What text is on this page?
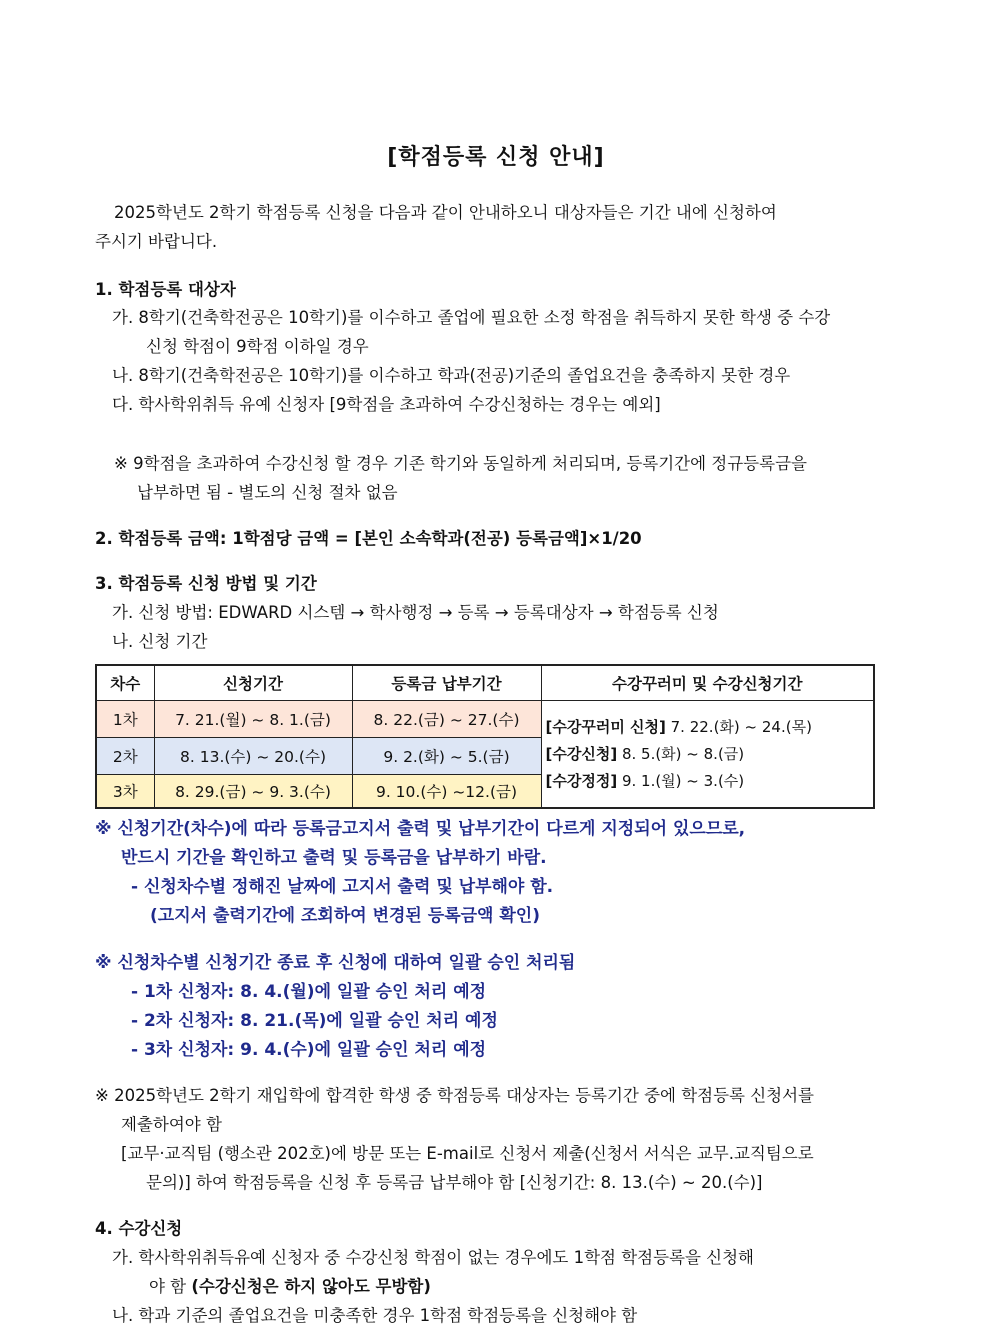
[학점등록 신청 안내]
2025학년도 2학기 학점등록 신청을 다음과 같이 안내하오니 대상자들은 기간 내에 신청하여
주시기 바랍니다.
1. 학점등록 대상자
가. 8학기(건축학전공은 10학기)를 이수하고 졸업에 필요한 소정 학점을 취득하지 못한 학생 중 수강
신청 학점이 9학점 이하일 경우
나. 8학기(건축학전공은 10학기)를 이수하고 학과(전공)기준의 졸업요건을 충족하지 못한 경우
다. 학사학위취득 유예 신청자 [9학점을 초과하여 수강신청하는 경우는 예외]
※ 9학점을 초과하여 수강신청 할 경우 기존 학기와 동일하게 처리되며, 등록기간에 정규등록금을
납부하면 됨 - 별도의 신청 절차 없음
2. 학점등록 금액: 1학점당 금액 = [본인 소속학과(전공) 등록금액]×1/20
3. 학점등록 신청 방법 및 기간
가. 신청 방법: EDWARD 시스템 → 학사행정 → 등록 → 등록대상자 → 학점등록 신청
나. 신청 기간
차수	신청기간	등록금 납부기간	수강꾸러미 및 수강신청기간
1차	7. 21.(월) ~ 8. 1.(금)	8. 22.(금) ~ 27.(수)	[수강꾸러미 신청] 7. 22.(화) ~ 24.(목)
[수강신청] 8. 5.(화) ~ 8.(금)
[수강정정] 9. 1.(월) ~ 3.(수)

2차	8. 13.(수) ~ 20.(수)	9. 2.(화) ~ 5.(금)	
3차	8. 29.(금) ~ 9. 3.(수)	9. 10.(수) ~12.(금)	
※ 신청기간(차수)에 따라 등록금고지서 출력 및 납부기간이 다르게 지정되어 있으므로,
반드시 기간을 확인하고 출력 및 등록금을 납부하기 바람.
- 신청차수별 정해진 날짜에 고지서 출력 및 납부해야 함.
(고지서 출력기간에 조회하여 변경된 등록금액 확인)
※ 신청차수별 신청기간 종료 후 신청에 대하여 일괄 승인 처리됨
- 1차 신청자: 8. 4.(월)에 일괄 승인 처리 예정
- 2차 신청자: 8. 21.(목)에 일괄 승인 처리 예정
- 3차 신청자: 9. 4.(수)에 일괄 승인 처리 예정
※ 2025학년도 2학기 재입학에 합격한 학생 중 학점등록 대상자는 등록기간 중에 학점등록 신청서를
제출하여야 함
[교무·교직팀 (행소관 202호)에 방문 또는 E-mail로 신청서 제출(신청서 서식은 교무.교직팀으로
문의)] 하여 학점등록을 신청 후 등록금 납부해야 함 [신청기간: 8. 13.(수) ~ 20.(수)]
4. 수강신청
가. 학사학위취득유예 신청자 중 수강신청 학점이 없는 경우에도 1학점 학점등록을 신청해
야 함 (수강신청은 하지 않아도 무방함)
나. 학과 기준의 졸업요건을 미충족한 경우 1학점 학점등록을 신청해야 함
